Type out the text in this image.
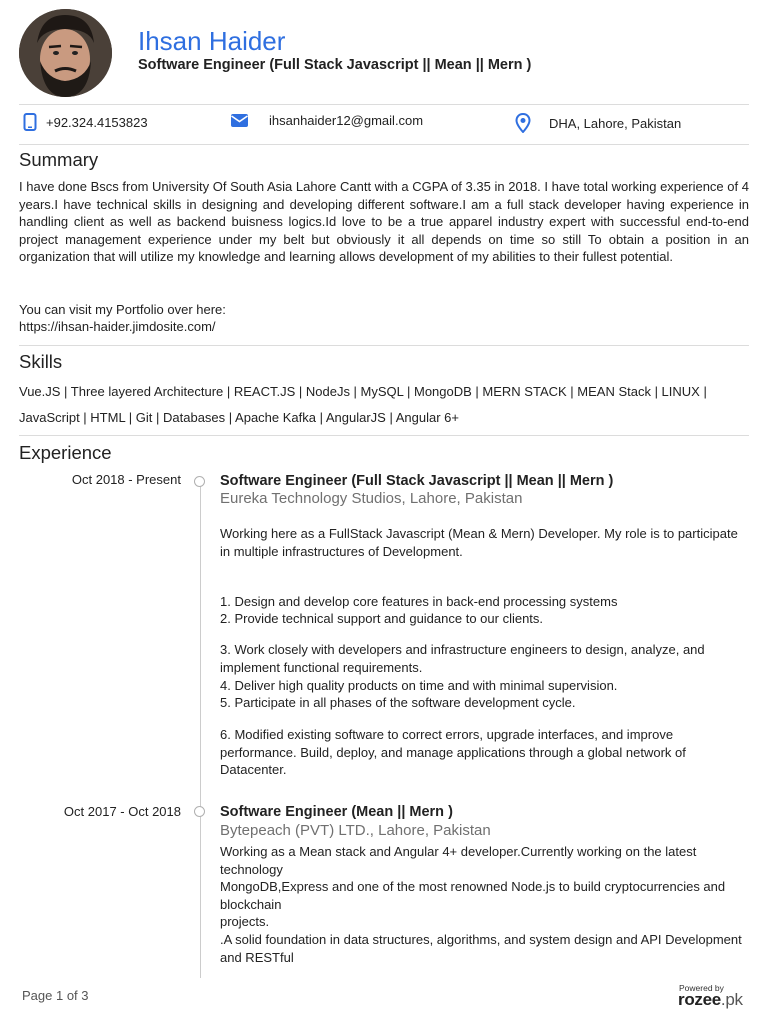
Ihsan Haider
Software Engineer (Full Stack Javascript || Mean || Mern )
+92.324.4153823	ihsanhaider12@gmail.com	DHA, Lahore, Pakistan
Summary
I have done Bscs from University Of South Asia Lahore Cantt with a CGPA of 3.35 in 2018. I have total working experience of 4 years.I have technical skills in designing and developing different software.I am a full stack developer having experience in handling client as well as backend buisness logics.Id love to be a true apparel industry expert with successful end-to-end project management experience under my belt but obviously it all depends on time so still To obtain a position in an organization that will utilize my knowledge and learning allows development of my abilities to their fullest potential.
You can visit my Portfolio over here:
https://ihsan-haider.jimdosite.com/
Skills
Vue.JS | Three layered Architecture | REACT.JS | NodeJs | MySQL | MongoDB | MERN STACK | MEAN Stack | LINUX |
JavaScript | HTML | Git | Databases | Apache Kafka | AngularJS | Angular 6+
Experience
Oct 2018 - Present	Software Engineer (Full Stack Javascript || Mean || Mern )
Eureka Technology Studios, Lahore, Pakistan
Working here as a FullStack Javascript (Mean & Mern) Developer. My role is to participate in multiple infrastructures of Development.
1. Design and develop core features in back-end processing systems
2. Provide technical support and guidance to our clients.
3. Work closely with developers and infrastructure engineers to design, analyze, and implement functional requirements.
4. Deliver high quality products on time and with minimal supervision.
5. Participate in all phases of the software development cycle.
6. Modified existing software to correct errors, upgrade interfaces, and improve performance. Build, deploy, and manage applications through a global network of Datacenter.
Oct 2017 - Oct 2018	Software Engineer (Mean || Mern )
Bytepeach (PVT) LTD., Lahore, Pakistan
Working as a Mean stack and Angular 4+ developer.Currently working on the latest technology
MongoDB,Express and one of the most renowned Node.js to build cryptocurrencies and blockchain
projects.
.A solid foundation in data structures, algorithms, and system design and API Development and RESTful
Page 1 of 3	Powered by
rozee.pk
